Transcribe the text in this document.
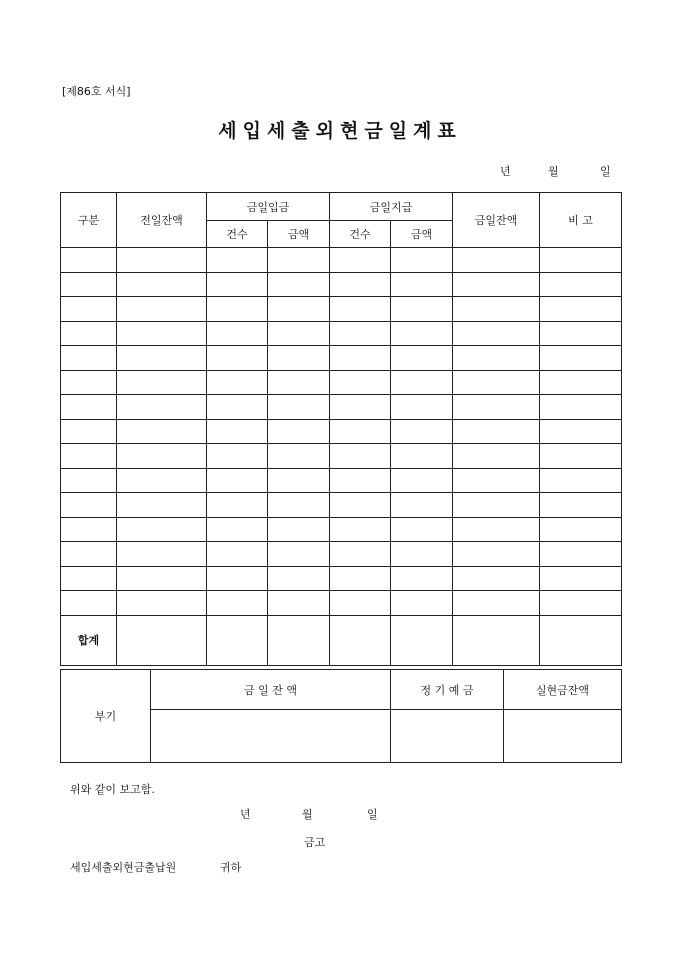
[제86호 서식]
세입세출외현금일계표
년	월	일
구분	전일잔액	금일입금		금일지급		금일잔액	비 고
		건수	금액	건수	금액		

합계							
부기	금 일 잔 액	정 기 예 금	실현금잔액

위와 같이 보고함.
년	월	일
금고
세입세출외현금출납원	귀하
